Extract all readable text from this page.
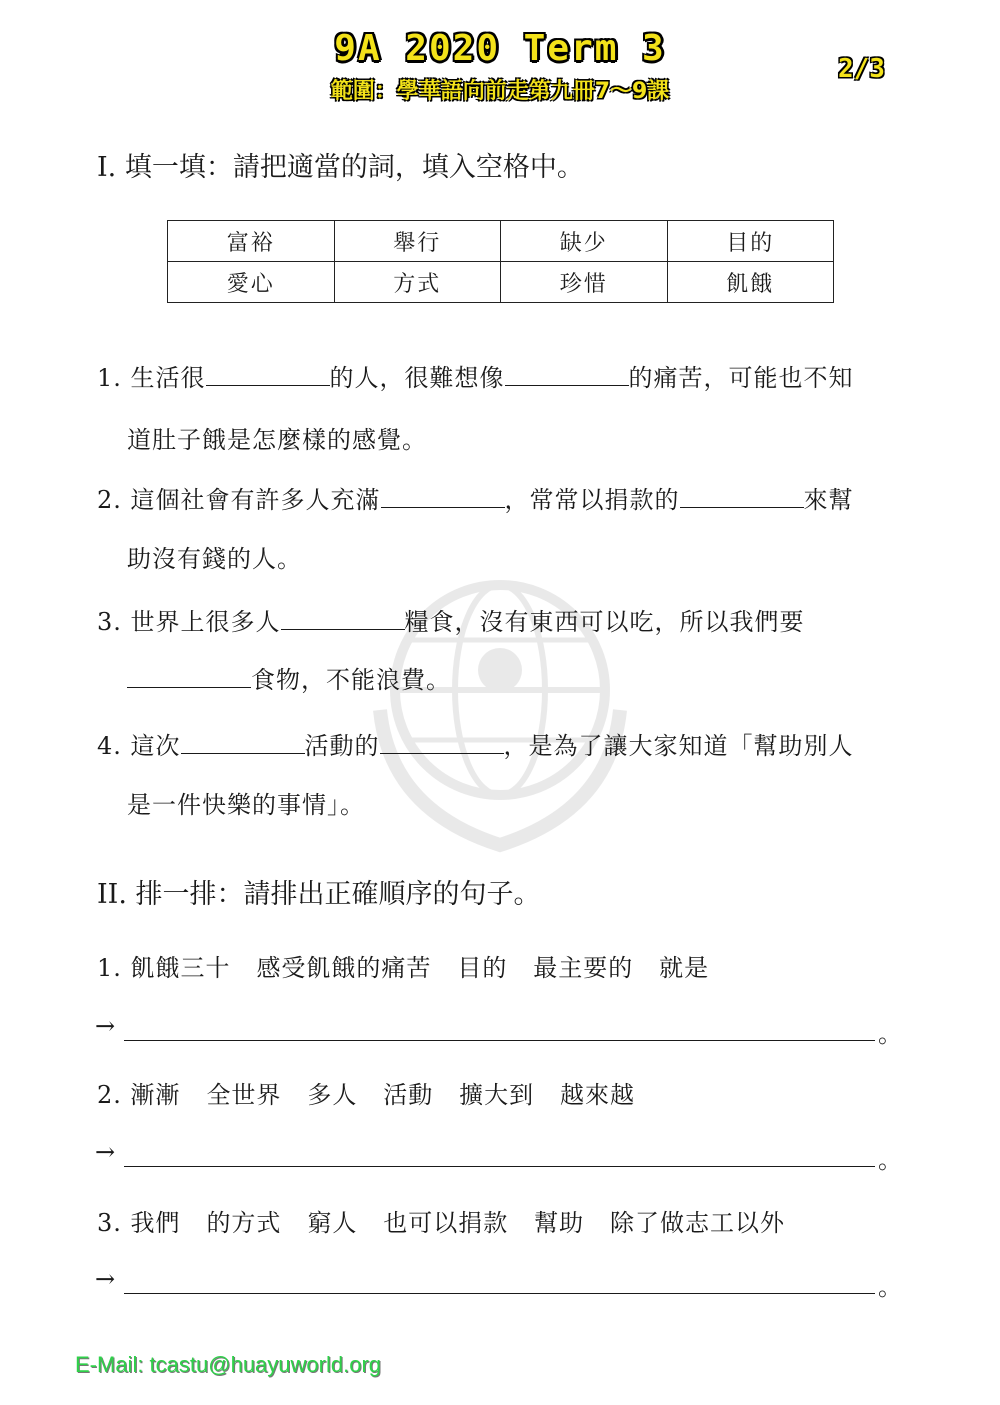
9A 2020 Term 3
範圍：學華語向前走第九冊7～9課
2/3
I. 填一填：請把適當的詞，填入空格中。
富裕	舉行	缺少	目的
愛心	方式	珍惜	飢餓
1. 生活很	的人，很難想像	的痛苦，可能也不知
道肚子餓是怎麼樣的感覺。
2. 這個社會有許多人充滿	，常常以捐款的	來幫
助沒有錢的人。
3. 世界上很多人	糧食，沒有東西可以吃，所以我們要
食物，不能浪費。
4. 這次	活動的	，是為了讓大家知道「幫助別人
是一件快樂的事情」。
II. 排一排：請排出正確順序的句子。
1. 飢餓三十 感受飢餓的痛苦 目的 最主要的 就是
→	。
2. 漸漸 全世界 多人 活動 擴大到 越來越
→	。
3. 我們 的方式 窮人 也可以捐款 幫助 除了做志工以外
→	。
E-Mail: tcastu@huayuworld.org
